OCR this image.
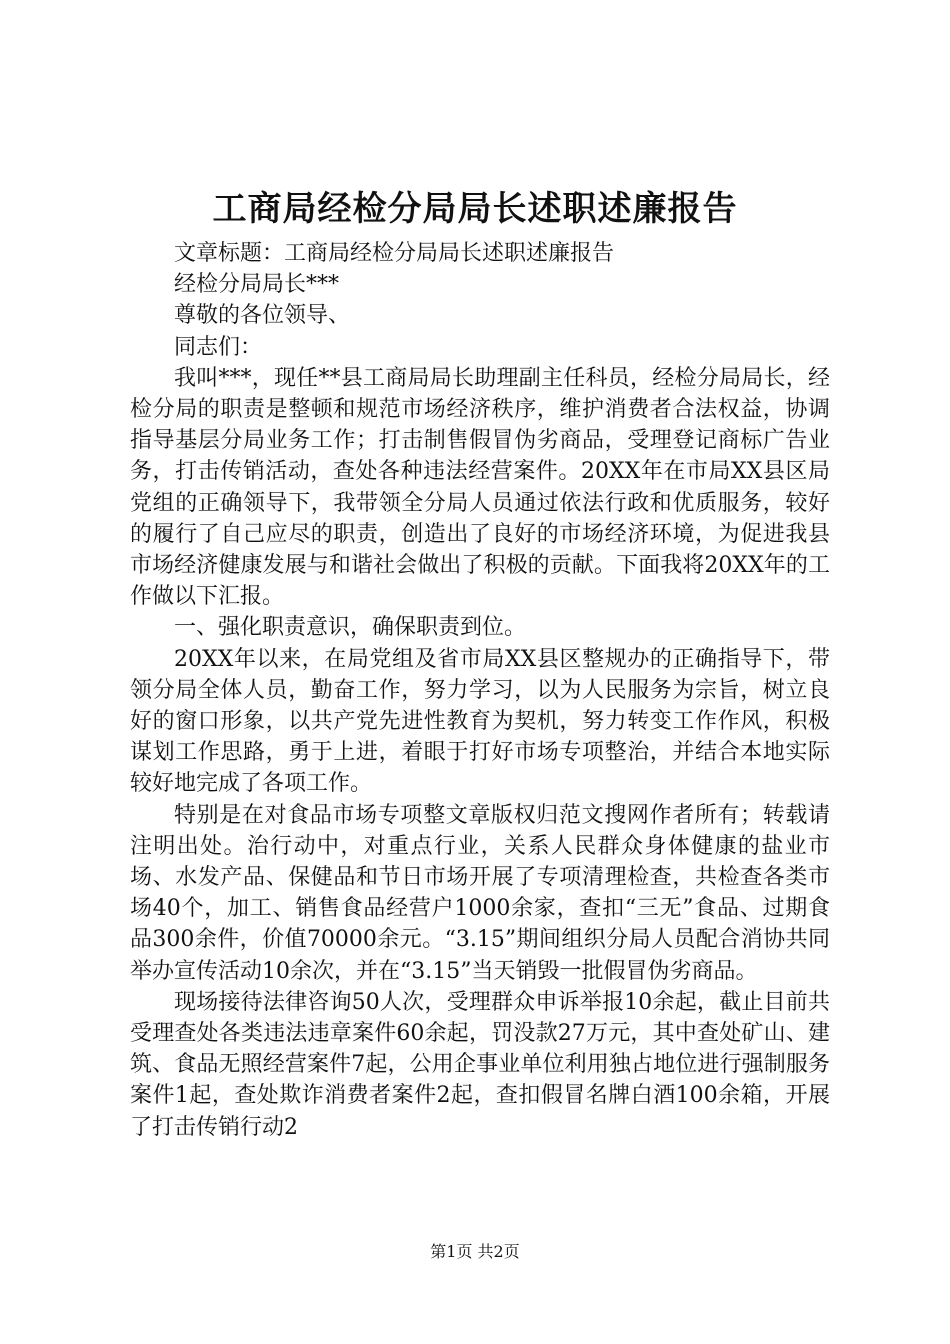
工商局经检分局局长述职述廉报告

文章标题：工商局经检分局局长述职述廉报告

经检分局局长***

尊敬的各位领导、

同志们：

我叫***，现任**县工商局局长助理副主任科员，经检分局局长，经检分局的职责是整顿和规范市场经济秩序，维护消费者合法权益，协调指导基层分局业务工作；打击制售假冒伪劣商品，受理登记商标广告业务，打击传销活动，查处各种违法经营案件。20XX年在市局XX县区局党组的正确领导下，我带领全分局人员通过依法行政和优质服务，较好的履行了自己应尽的职责，创造出了良好的市场经济环境，为促进我县市场经济健康发展与和谐社会做出了积极的贡献。下面我将20XX年的工作做以下汇报。

一、强化职责意识，确保职责到位。

20XX年以来，在局党组及省市局XX县区整规办的正确指导下，带领分局全体人员，勤奋工作，努力学习，以为人民服务为宗旨，树立良好的窗口形象，以共产党先进性教育为契机，努力转变工作作风，积极谋划工作思路，勇于上进，着眼于打好市场专项整治，并结合本地实际较好地完成了各项工作。

特别是在对食品市场专项整文章版权归范文搜网作者所有；转载请注明出处。治行动中，对重点行业，关系人民群众身体健康的盐业市场、水发产品、保健品和节日市场开展了专项清理检查，共检查各类市场40个，加工、销售食品经营户1000余家，查扣“三无”食品、过期食品300余件，价值70000余元。“3.15”期间组织分局人员配合消协共同举办宣传活动10余次，并在“3.15”当天销毁一批假冒伪劣商品。

现场接待法律咨询50人次，受理群众申诉举报10余起，截止目前共受理查处各类违法违章案件60余起，罚没款27万元，其中查处矿山、建筑、食品无照经营案件7起，公用企事业单位利用独占地位进行强制服务案件1起，查处欺诈消费者案件2起，查扣假冒名牌白酒100余箱，开展了打击传销行动2

第1页 共2页
